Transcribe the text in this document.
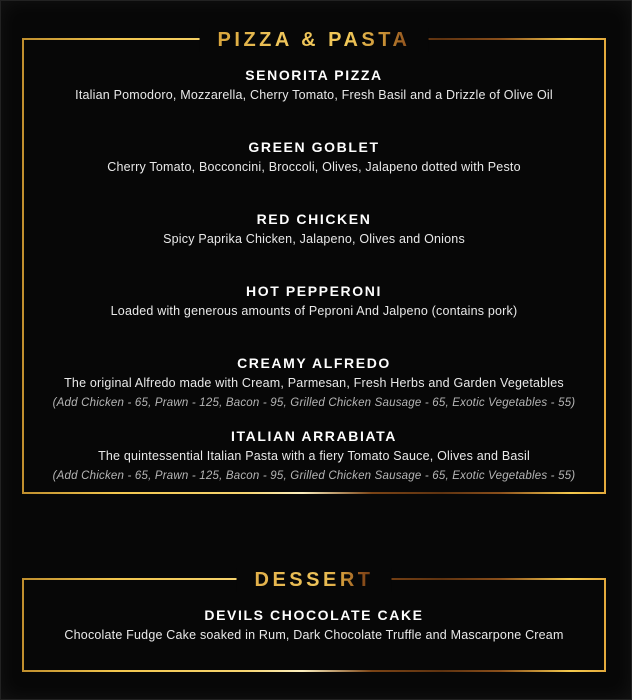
PIZZA & PASTA
SENORITA PIZZA
Italian Pomodoro, Mozzarella, Cherry Tomato, Fresh Basil and a Drizzle of Olive Oil
GREEN GOBLET
Cherry Tomato, Bocconcini, Broccoli, Olives, Jalapeno dotted with Pesto
RED CHICKEN
Spicy Paprika Chicken, Jalapeno, Olives and Onions
HOT PEPPERONI
Loaded with generous amounts of Peproni And Jalpeno (contains pork)
CREAMY ALFREDO
The original Alfredo made with Cream, Parmesan, Fresh Herbs and Garden Vegetables
(Add Chicken - 65, Prawn - 125, Bacon - 95, Grilled Chicken Sausage - 65, Exotic Vegetables - 55)
ITALIAN ARRABIATA
The quintessential Italian Pasta with a fiery Tomato Sauce, Olives and Basil
(Add Chicken - 65, Prawn - 125, Bacon - 95, Grilled Chicken Sausage - 65, Exotic Vegetables - 55)
DESSERT
DEVILS CHOCOLATE CAKE
Chocolate Fudge Cake soaked in Rum, Dark Chocolate Truffle and Mascarpone Cream
